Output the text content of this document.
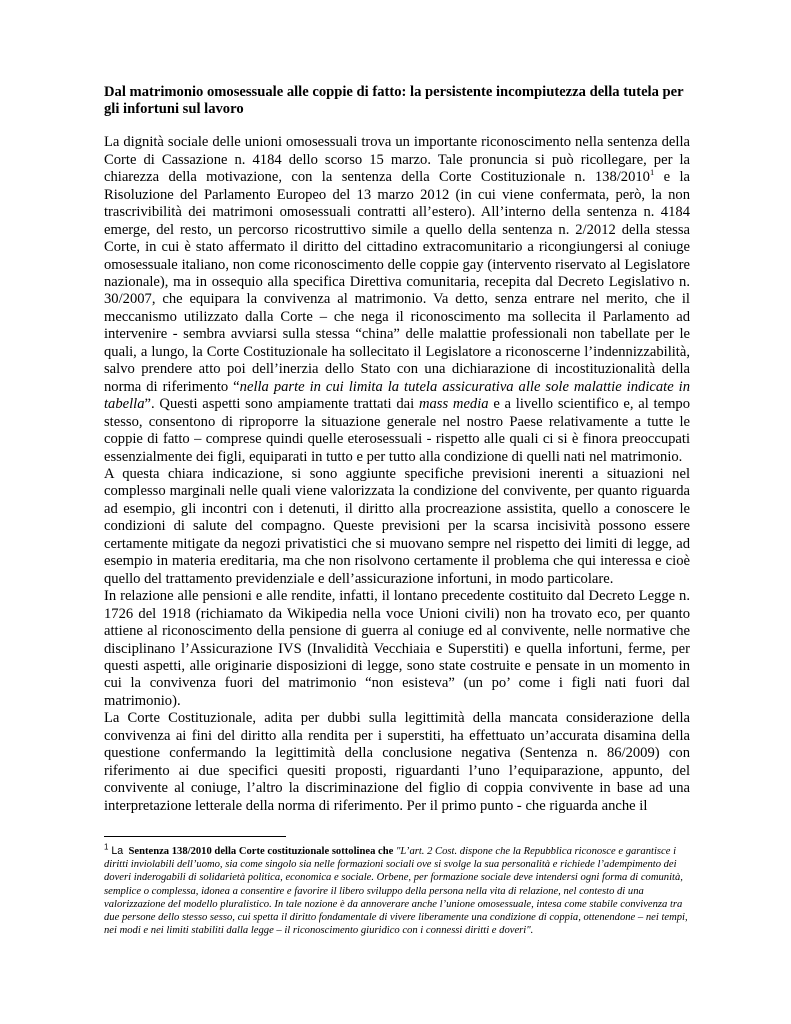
Dal matrimonio omosessuale alle coppie di fatto: la persistente incompiutezza della tutela per gli infortuni sul lavoro

La dignità sociale delle unioni omosessuali trova un importante riconoscimento nella sentenza della Corte di Cassazione n. 4184 dello scorso 15 marzo. Tale pronuncia si può ricollegare, per la chiarezza della motivazione, con la sentenza della Corte Costituzionale n. 138/2010$^1$ e la Risoluzione del Parlamento Europeo del 13 marzo 2012 (in cui viene confermata, però, la non trascrivibilità dei matrimoni omosessuali contratti all’estero). All’interno della sentenza n. 4184 emerge, del resto, un percorso ricostruttivo simile a quello della sentenza n. 2/2012 della stessa Corte, in cui è stato affermato il diritto del cittadino extracomunitario a ricongiungersi al coniuge omosessuale italiano, non come riconoscimento delle coppie gay (intervento riservato al Legislatore nazionale), ma in ossequio alla specifica Direttiva comunitaria, recepita dal Decreto Legislativo n. 30/2007, che equipara la convivenza al matrimonio. Va detto, senza entrare nel merito, che il meccanismo utilizzato dalla Corte – che nega il riconoscimento ma sollecita il Parlamento ad intervenire - sembra avviarsi sulla stessa “china” delle malattie professionali non tabellate per le quali, a lungo, la Corte Costituzionale ha sollecitato il Legislatore a riconoscerne l’indennizzabilità, salvo prendere atto poi dell’inerzia dello Stato con una dichiarazione di incostituzionalità della norma di riferimento “nella parte in cui limita la tutela assicurativa alle sole malattie indicate in tabella”. Questi aspetti sono ampiamente trattati dai mass media e a livello scientifico e, al tempo stesso, consentono di riproporre la situazione generale nel nostro Paese relativamente a tutte le coppie di fatto – comprese quindi quelle eterosessuali - rispetto alle quali ci si è finora preoccupati essenzialmente dei figli, equiparati in tutto e per tutto alla condizione di quelli nati nel matrimonio.

A questa chiara indicazione, si sono aggiunte specifiche previsioni inerenti a situazioni nel complesso marginali nelle quali viene valorizzata la condizione del convivente, per quanto riguarda ad esempio, gli incontri con i detenuti, il diritto alla procreazione assistita, quello a conoscere le condizioni di salute del compagno. Queste previsioni per la scarsa incisività possono essere certamente mitigate da negozi privatistici che si muovano sempre nel rispetto dei limiti di legge, ad esempio in materia ereditaria, ma che non risolvono certamente il problema che qui interessa e cioè quello del trattamento previdenziale e dell’assicurazione infortuni, in modo particolare.

In relazione alle pensioni e alle rendite, infatti, il lontano precedente costituito dal Decreto Legge n. 1726 del 1918 (richiamato da Wikipedia nella voce Unioni civili) non ha trovato eco, per quanto attiene al riconoscimento della pensione di guerra al coniuge ed al convivente, nelle normative che disciplinano l’Assicurazione IVS (Invalidità Vecchiaia e Superstiti) e quella infortuni, ferme, per questi aspetti, alle originarie disposizioni di legge, sono state costruite e pensate in un momento in cui la convivenza fuori del matrimonio “non esisteva” (un po’ come i figli nati fuori dal matrimonio).

La Corte Costituzionale, adita per dubbi sulla legittimità della mancata considerazione della convivenza ai fini del diritto alla rendita per i superstiti, ha effettuato un’accurata disamina della questione confermando la legittimità della conclusione negativa (Sentenza n. 86/2009) con riferimento ai due specifici quesiti proposti, riguardanti l’uno l’equiparazione, appunto, del convivente al coniuge, l’altro la discriminazione del figlio di coppia convivente in base ad una interpretazione letterale della norma di riferimento. Per il primo punto - che riguarda anche il

$^1$ La Sentenza 138/2010 della Corte costituzionale sottolinea che "L’art. 2 Cost. dispone che la Repubblica riconosce e garantisce i diritti inviolabili dell’uomo, sia come singolo sia nelle formazioni sociali ove si svolge la sua personalità e richiede l’adempimento dei doveri inderogabili di solidarietà politica, economica e sociale. Orbene, per formazione sociale deve intendersi ogni forma di comunità, semplice o complessa, idonea a consentire e favorire il libero sviluppo della persona nella vita di relazione, nel contesto di una valorizzazione del modello pluralistico. In tale nozione è da annoverare anche l’unione omosessuale, intesa come stabile convivenza tra due persone dello stesso sesso, cui spetta il diritto fondamentale di vivere liberamente una condizione di coppia, ottenendone – nei tempi, nei modi e nei limiti stabiliti dalla legge – il riconoscimento giuridico con i connessi diritti e doveri".
